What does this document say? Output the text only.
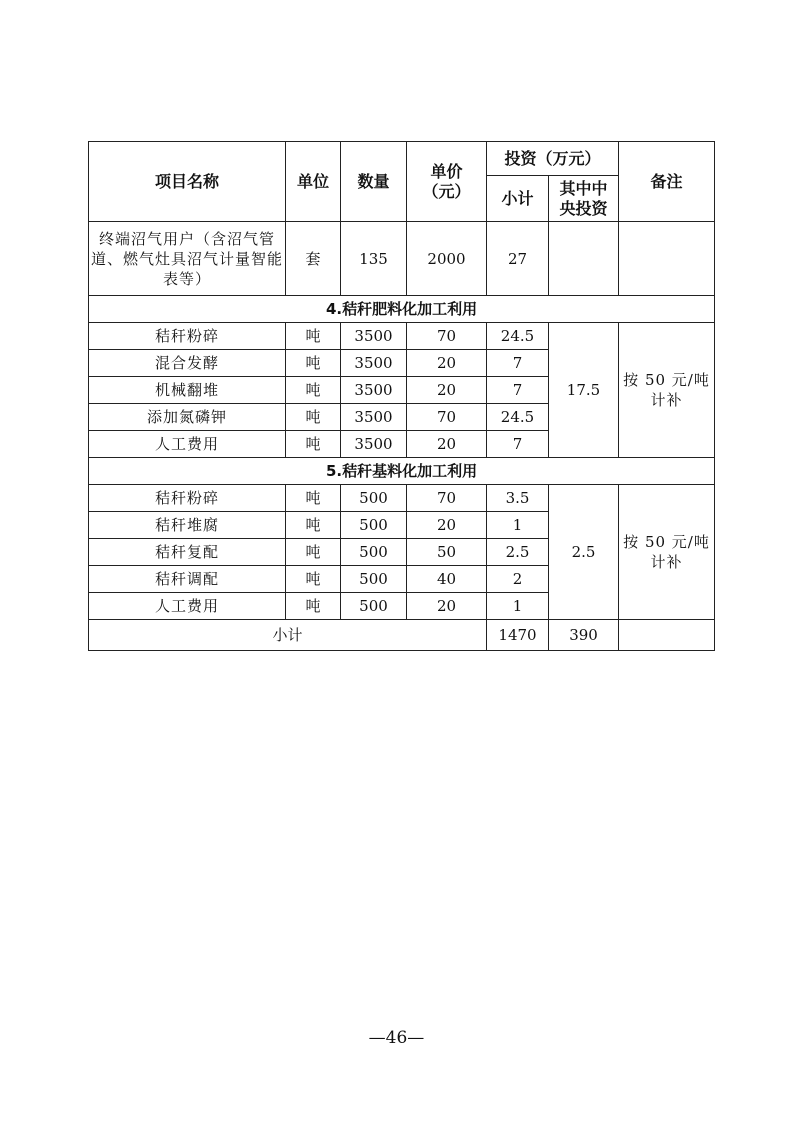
项目名称	单位	数量	单价（元）	投资（万元）		备注
				小计	其中中央投资	
终端沼气用户（含沼气管道、燃气灶具沼气计量智能表等）	套	135	2000	27		
4.秸秆肥料化加工利用						
秸秆粉碎	吨	3500	70	24.5	17.5	按 50 元/吨计补
混合发酵	吨	3500	20	7		
机械翻堆	吨	3500	20	7		
添加氮磷钾	吨	3500	70	24.5		
人工费用	吨	3500	20	7		
5.秸秆基料化加工利用						
秸秆粉碎	吨	500	70	3.5	2.5	按 50 元/吨计补
秸秆堆腐	吨	500	20	1		
秸秆复配	吨	500	50	2.5		
秸秆调配	吨	500	40	2		
人工费用	吨	500	20	1		
小计				1470	390	
—46—
